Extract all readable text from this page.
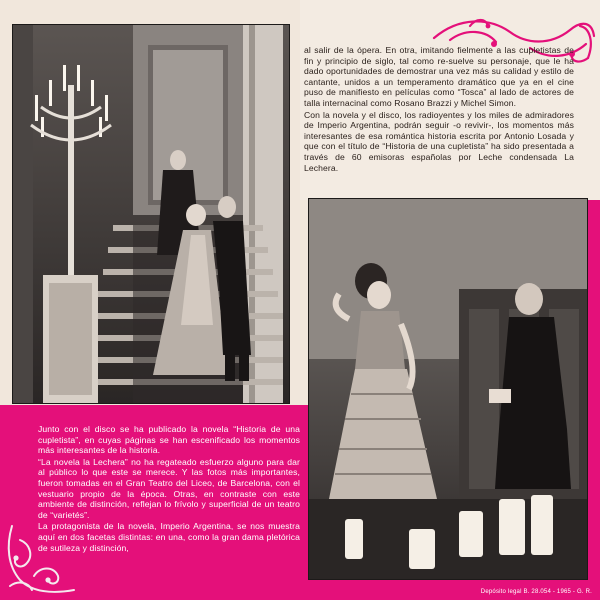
al salir de la ópera. En otra, imitando fielmente a las cupletistas de fin y principio de siglo, tal como re-suelve su personaje, que le ha dado oportunidades de demostrar una vez más su calidad y estilo de cantante, unidos a un temperamento dramático que ya en el cine puso de manifiesto en películas como “Tosca” al lado de actores de talla internacinal como Rosano Brazzi y Michel Simon.

Con la novela y el disco, los radioyentes y los miles de admiradores de Imperio Argentina, podrán seguir -o revivir-, los momentos más interesantes de esa romántica historia escrita por Antonio Losada y que con el título de “Historia de una cupletista” ha sido presentada a través de 60 emisoras españolas por Leche condensada La Lechera.

Junto con el disco se ha publicado la novela “Historia de una cupletista”, en cuyas páginas se han escenificado los momentos más interesantes de la historia.

“La novela la Lechera” no ha regateado esfuerzo alguno para dar al público lo que este se merece. Y las fotos más importantes, fueron tomadas en el Gran Teatro del Liceo, de Barcelona, con el vestuario propio de la época. Otras, en contraste con este ambiente de distinción, reflejan lo frívolo y superficial de un teatro de “varietés”.

La protagonista de la novela, Imperio Argentina, se nos muestra aquí en dos facetas distintas: en una, como la gran dama pletórica de sutileza y distinción,

Depósito legal B. 28.054 - 1965 - G. R.
